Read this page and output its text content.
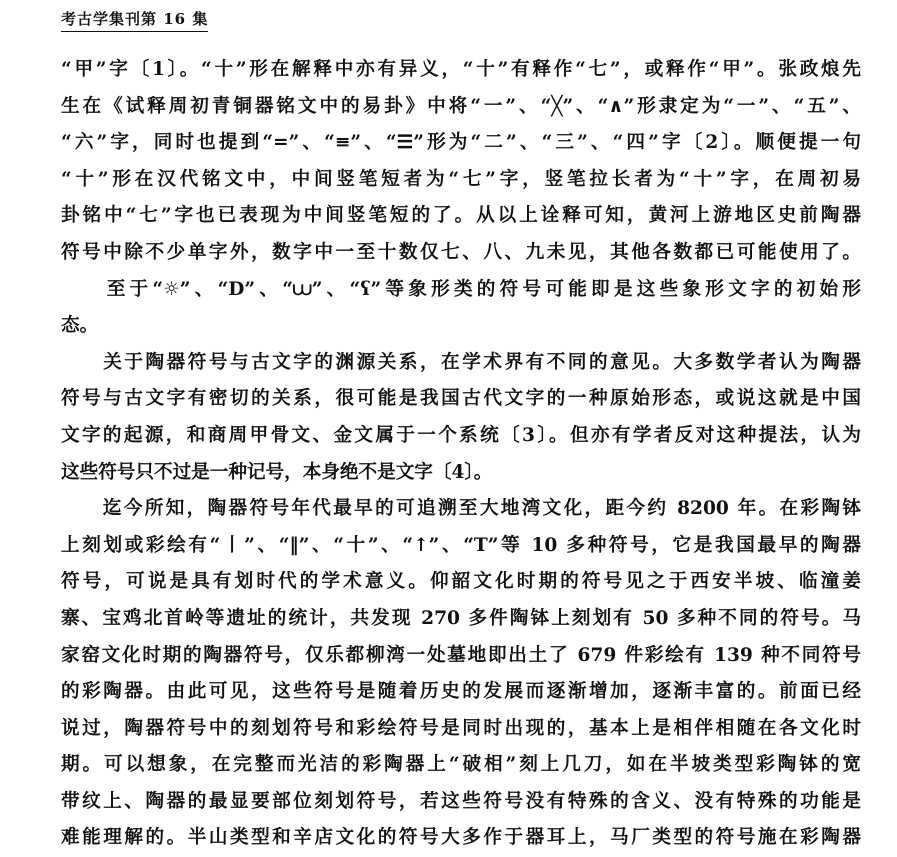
考古学集刊第 16 集
“甲”字〔1〕。“十”形在解释中亦有异义，“十”有释作“七”，或释作“甲”。张政烺先
生在《试释周初青铜器铭文中的易卦》中将“一”、“╳”、“∧”形隶定为“一”、“五”、
“六”字，同时也提到“=”、“≡”、“☰”形为“二”、“三”、“四”字〔2〕。顺便提一句
“十”形在汉代铭文中，中间竖笔短者为“七”字，竖笔拉长者为“十”字，在周初易
卦铭中“七”字也已表现为中间竖笔短的了。从以上诠释可知，黄河上游地区史前陶器
符号中除不少单字外，数字中一至十数仅七、八、九未见，其他各数都已可能使用了。
　　至于“☼”、“D”、“⩊”、“ʕ”等象形类的符号可能即是这些象形文字的初始形
态。
　　关于陶器符号与古文字的渊源关系，在学术界有不同的意见。大多数学者认为陶器
符号与古文字有密切的关系，很可能是我国古代文字的一种原始形态，或说这就是中国
文字的起源，和商周甲骨文、金文属于一个系统〔3〕。但亦有学者反对这种提法，认为
这些符号只不过是一种记号，本身绝不是文字〔4〕。
　　迄今所知，陶器符号年代最早的可追溯至大地湾文化，距今约 8200 年。在彩陶钵
上刻划或彩绘有“丨”、“‖”、“十”、“↑”、“T”等 10 多种符号，它是我国最早的陶器
符号，可说是具有划时代的学术意义。仰韶文化时期的符号见之于西安半坡、临潼姜
寨、宝鸡北首岭等遗址的统计，共发现 270 多件陶钵上刻划有 50 多种不同的符号。马
家窑文化时期的陶器符号，仅乐都柳湾一处墓地即出土了 679 件彩绘有 139 种不同符号
的彩陶器。由此可见，这些符号是随着历史的发展而逐渐增加，逐渐丰富的。前面已经
说过，陶器符号中的刻划符号和彩绘符号是同时出现的，基本上是相伴相随在各文化时
期。可以想象，在完整而光洁的彩陶器上“破相”刻上几刀，如在半坡类型彩陶钵的宽
带纹上、陶器的最显要部位刻划符号，若这些符号没有特殊的含义、没有特殊的功能是
难能理解的。半山类型和辛店文化的符号大多作于器耳上，马厂类型的符号施在彩陶器
